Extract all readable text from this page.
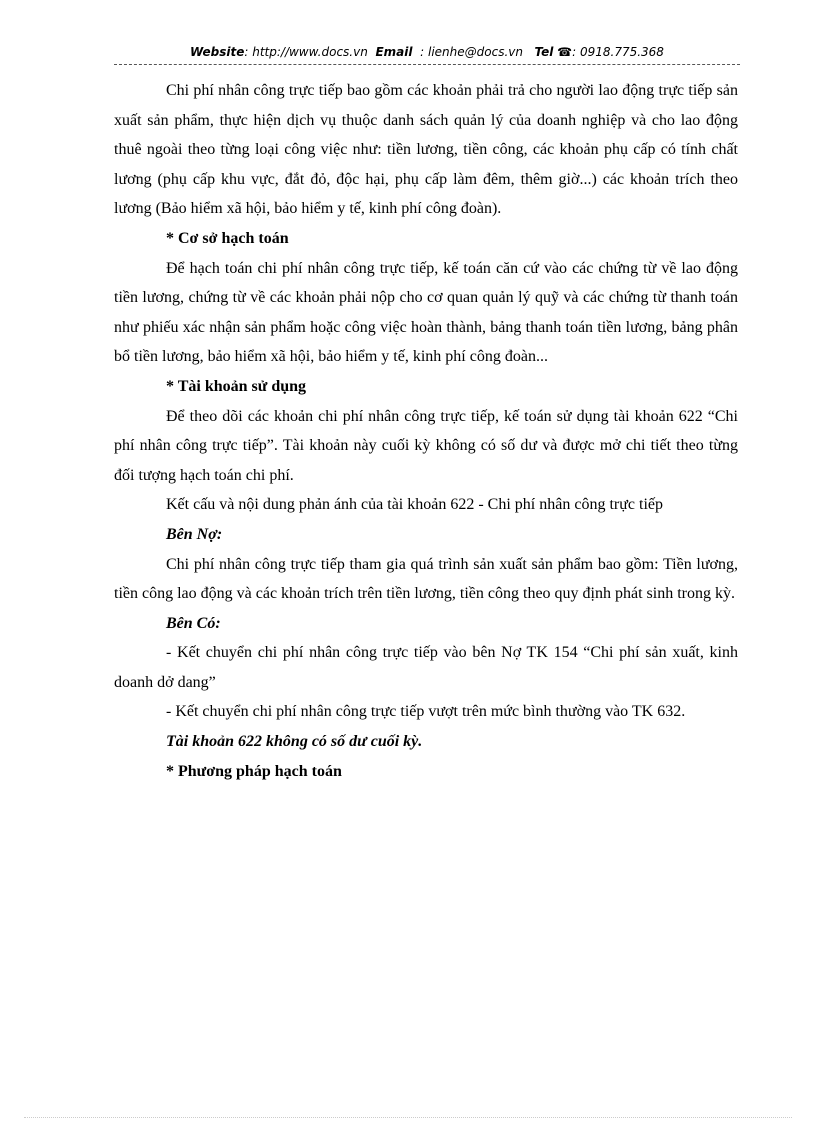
Website: http://www.docs.vn Email : lienhe@docs.vn Tel ☎: 0918.775.368

Chi phí nhân công trực tiếp bao gồm các khoản phải trả cho người lao động trực tiếp sản xuất sản phẩm, thực hiện dịch vụ thuộc danh sách quản lý của doanh nghiệp và cho lao động thuê ngoài theo từng loại công việc như: tiền lương, tiền công, các khoản phụ cấp có tính chất lương (phụ cấp khu vực, đắt đỏ, độc hại, phụ cấp làm đêm, thêm giờ...) các khoản trích theo lương (Bảo hiểm xã hội, bảo hiểm y tế, kinh phí công đoàn).

* Cơ sở hạch toán

Để hạch toán chi phí nhân công trực tiếp, kế toán căn cứ vào các chứng từ về lao động tiền lương, chứng từ về các khoản phải nộp cho cơ quan quản lý quỹ và các chứng từ thanh toán như phiếu xác nhận sản phẩm hoặc công việc hoàn thành, bảng thanh toán tiền lương, bảng phân bổ tiền lương, bảo hiểm xã hội, bảo hiểm y tế, kinh phí công đoàn...

* Tài khoản sử dụng

Để theo dõi các khoản chi phí nhân công trực tiếp, kế toán sử dụng tài khoản 622 “Chi phí nhân công trực tiếp”. Tài khoản này cuối kỳ không có số dư và được mở chi tiết theo từng đối tượng hạch toán chi phí.

Kết cấu và nội dung phản ánh của tài khoản 622 - Chi phí nhân công trực tiếp

Bên Nợ:

Chi phí nhân công trực tiếp tham gia quá trình sản xuất sản phẩm bao gồm: Tiền lương, tiền công lao động và các khoản trích trên tiền lương, tiền công theo quy định phát sinh trong kỳ.

Bên Có:

- Kết chuyển chi phí nhân công trực tiếp vào bên Nợ TK 154 “Chi phí sản xuất, kinh doanh dở dang”

- Kết chuyển chi phí nhân công trực tiếp vượt trên mức bình thường vào TK 632.

Tài khoản 622 không có số dư cuối kỳ.

* Phương pháp hạch toán
